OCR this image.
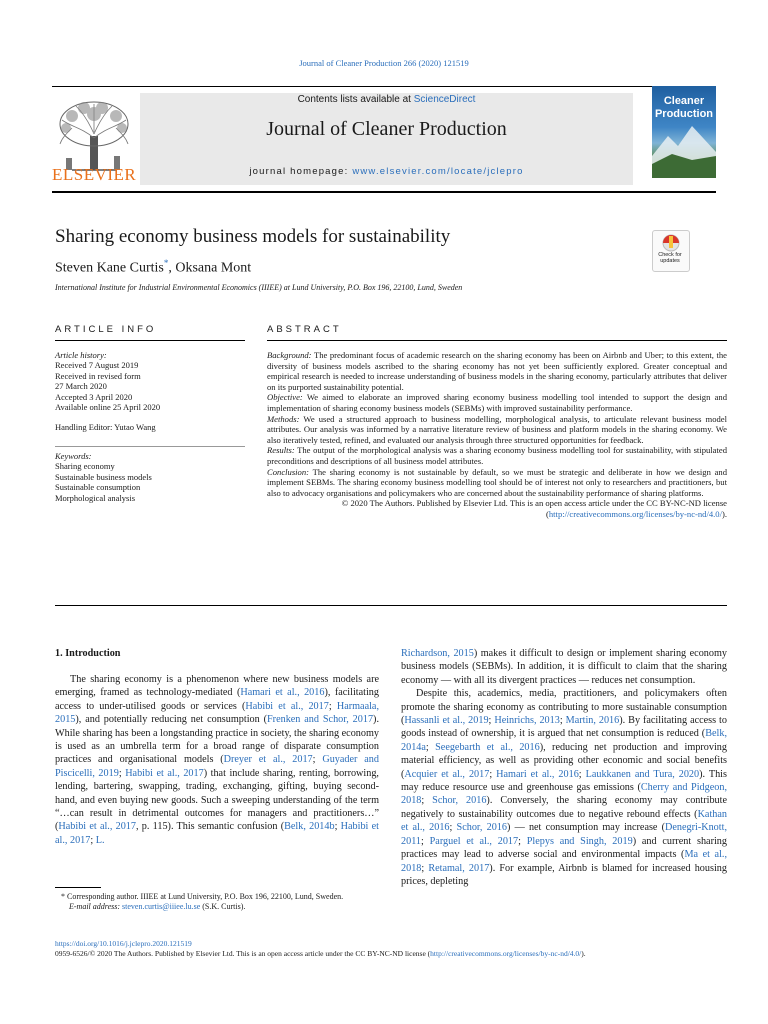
Journal of Cleaner Production 266 (2020) 121519
ELSEVIER
Contents lists available at ScienceDirect
Journal of Cleaner Production
journal homepage: www.elsevier.com/locate/jclepro
Cleaner
Production
Sharing economy business models for sustainability
Steven Kane Curtis*, Oksana Mont
International Institute for Industrial Environmental Economics (IIIEE) at Lund University, P.O. Box 196, 22100, Lund, Sweden
Check for updates
ARTICLE INFO
Article history:
Received 7 August 2019
Received in revised form
27 March 2020
Accepted 3 April 2020
Available online 25 April 2020
Handling Editor: Yutao Wang
Keywords:
Sharing economy
Sustainable business models
Sustainable consumption
Morphological analysis
ABSTRACT
Background: The predominant focus of academic research on the sharing economy has been on Airbnb and Uber; to this extent, the diversity of business models ascribed to the sharing economy has not yet been sufficiently explored. Greater conceptual and empirical research is needed to increase understanding of business models in the sharing economy, particularly attributes that deliver on its purported sustainability potential.
Objective: We aimed to elaborate an improved sharing economy business modelling tool intended to support the design and implementation of sharing economy business models (SEBMs) with improved sustainability performance.
Methods: We used a structured approach to business modelling, morphological analysis, to articulate relevant business model attributes. Our analysis was informed by a narrative literature review of business and platform models in the sharing economy. We also iteratively tested, refined, and evaluated our analysis through three structured opportunities for feedback.
Results: The output of the morphological analysis was a sharing economy business modelling tool for sustainability, with stipulated preconditions and descriptions of all business model attributes.
Conclusion: The sharing economy is not sustainable by default, so we must be strategic and deliberate in how we design and implement SEBMs. The sharing economy business modelling tool should be of interest not only to researchers and practitioners, but also to advocacy organisations and policymakers who are concerned about the sustainability performance of sharing platforms.
© 2020 The Authors. Published by Elsevier Ltd. This is an open access article under the CC BY-NC-ND license (http://creativecommons.org/licenses/by-nc-nd/4.0/).
1. Introduction
The sharing economy is a phenomenon where new business models are emerging, framed as technology-mediated (Hamari et al., 2016), facilitating access to under-utilised goods or services (Habibi et al., 2017; Harmaala, 2015), and potentially reducing net consumption (Frenken and Schor, 2017). While sharing has been a longstanding practice in society, the sharing economy is used as an umbrella term for a broad range of disparate consumption practices and organisational models (Dreyer et al., 2017; Guyader and Piscicelli, 2019; Habibi et al., 2017) that include sharing, renting, borrowing, lending, bartering, swapping, trading, exchanging, gifting, buying second-hand, and even buying new goods. Such a sweeping understanding of the term “…can result in detrimental outcomes for managers and practitioners…” (Habibi et al., 2017, p. 115). This semantic confusion (Belk, 2014b; Habibi et al., 2017; L.
Richardson, 2015) makes it difficult to design or implement sharing economy business models (SEBMs). In addition, it is difficult to claim that the sharing economy — with all its divergent practices — reduces net consumption.
Despite this, academics, media, practitioners, and policymakers often promote the sharing economy as contributing to more sustainable consumption (Hassanli et al., 2019; Heinrichs, 2013; Martin, 2016). By facilitating access to goods instead of ownership, it is argued that net consumption is reduced (Belk, 2014a; Seegebarth et al., 2016), reducing net production and improving material efficiency, as well as providing other economic and social benefits (Acquier et al., 2017; Hamari et al., 2016; Laukkanen and Tura, 2020). This may reduce resource use and greenhouse gas emissions (Cherry and Pidgeon, 2018; Schor, 2016). Conversely, the sharing economy may contribute negatively to sustainability outcomes due to negative rebound effects (Kathan et al., 2016; Schor, 2016) — net consumption may increase (Denegri-Knott, 2011; Parguel et al., 2017; Plepys and Singh, 2019) and current sharing practices may lead to adverse social and environmental impacts (Ma et al., 2018; Retamal, 2017). For example, Airbnb is blamed for increased housing prices, depleting
* Corresponding author. IIIEE at Lund University, P.O. Box 196, 22100, Lund, Sweden.
E-mail address: steven.curtis@iiiee.lu.se (S.K. Curtis).
https://doi.org/10.1016/j.jclepro.2020.121519
0959-6526/© 2020 The Authors. Published by Elsevier Ltd. This is an open access article under the CC BY-NC-ND license (http://creativecommons.org/licenses/by-nc-nd/4.0/).
